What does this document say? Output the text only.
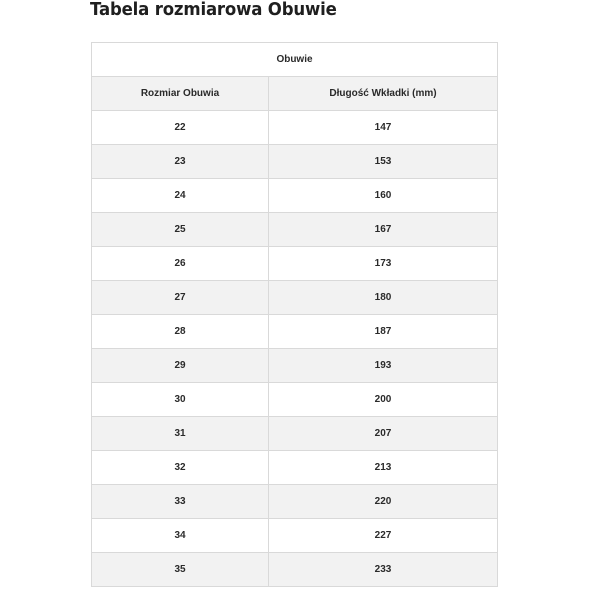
Tabela rozmiarowa Obuwie
Obuwie	
Rozmiar Obuwia	Długość Wkładki (mm)
22	147
23	153
24	160
25	167
26	173
27	180
28	187
29	193
30	200
31	207
32	213
33	220
34	227
35	233
